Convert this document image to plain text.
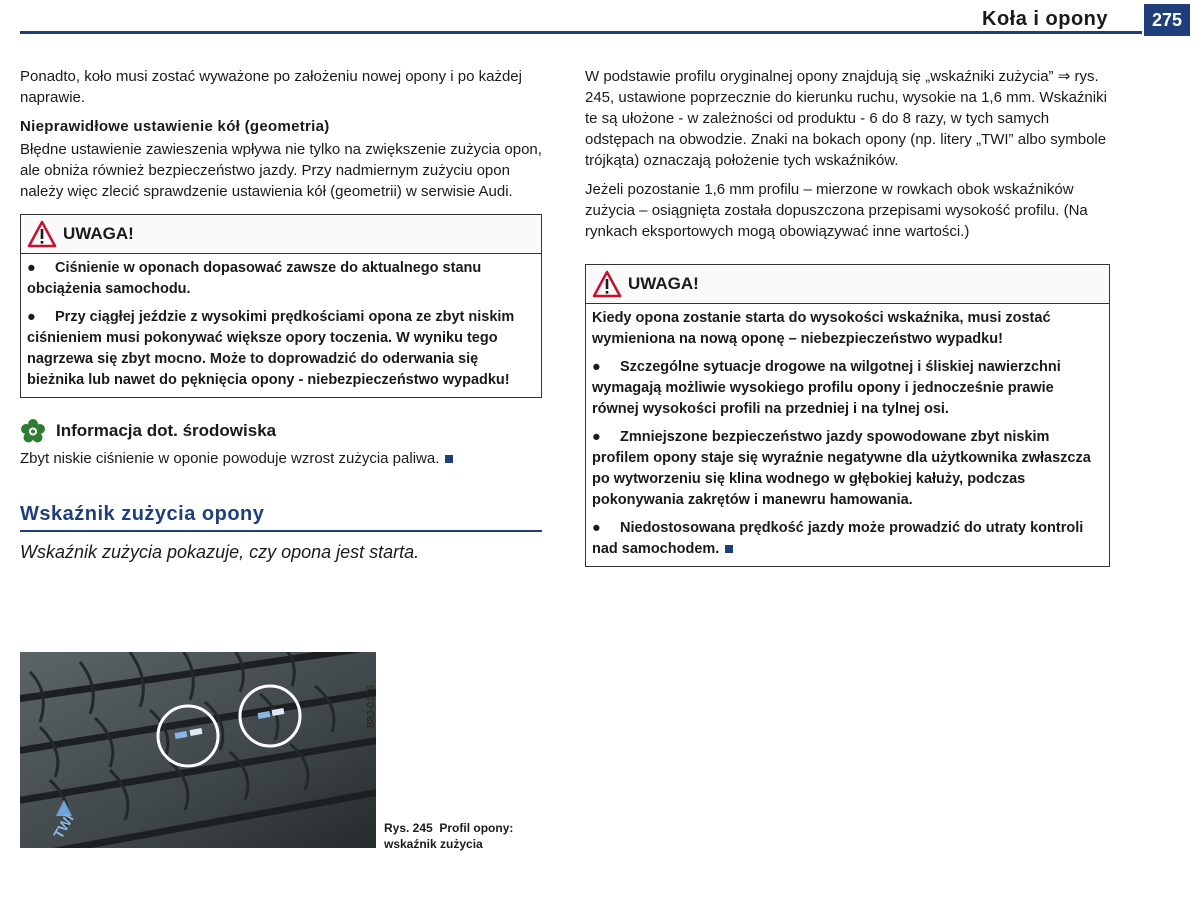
Koła i opony	275

Ponadto, koło musi zostać wyważone po założeniu nowej opony i po każdej naprawie.

Nieprawidłowe ustawienie kół (geometria)

Błędne ustawienie zawieszenia wpływa nie tylko na zwiększenie zużycia opon, ale obniża również bezpieczeństwo jazdy. Przy nadmiernym zużyciu opon należy więc zlecić sprawdzenie ustawienia kół (geometrii) w serwisie Audi.

UWAGA!

● Ciśnienie w oponach dopasować zawsze do aktualnego stanu obciążenia samochodu.

● Przy ciągłej jeździe z wysokimi prędkościami opona ze zbyt niskim ciśnieniem musi pokonywać większe opory toczenia. W wyniku tego nagrzewa się zbyt mocno. Może to doprowadzić do oderwania się bieżnika lub nawet do pęknięcia opony - niebezpieczeństwo wypadku!

Informacja dot. środowiska

Zbyt niskie ciśnienie w oponie powoduje wzrost zużycia paliwa.

Wskaźnik zużycia opony
Wskaźnik zużycia pokazuje, czy opona jest starta.
TWI
B8J-0176
Rys. 245 Profil opony: wskaźnik zużycia

W podstawie profilu oryginalnej opony znajdują się „wskaźniki zużycia” ⇒ rys. 245, ustawione poprzecznie do kierunku ruchu, wysokie na 1,6 mm. Wskaźniki te są ułożone - w zależności od produktu - 6 do 8 razy, w tych samych odstępach na obwodzie. Znaki na bokach opony (np. litery „TWI” albo symbole trójkąta) oznaczają położenie tych wskaźników.

Jeżeli pozostanie 1,6 mm profilu – mierzone w rowkach obok wskaźników zużycia – osiągnięta została dopuszczona przepisami wysokość profilu. (Na rynkach eksportowych mogą obowiązywać inne wartości.)

UWAGA!

Kiedy opona zostanie starta do wysokości wskaźnika, musi zostać wymieniona na nową oponę – niebezpieczeństwo wypadku!

● Szczególne sytuacje drogowe na wilgotnej i śliskiej nawierzchni wymagają możliwie wysokiego profilu opony i jednocześnie prawie równej wysokości profili na przedniej i na tylnej osi.

● Zmniejszone bezpieczeństwo jazdy spowodowane zbyt niskim profilem opony staje się wyraźnie negatywne dla użytkownika zwłaszcza po wytworzeniu się klina wodnego w głębokiej kałuży, podczas pokonywania zakrętów i manewru hamowania.

● Niedostosowana prędkość jazdy może prowadzić do utraty kontroli nad samochodem.
